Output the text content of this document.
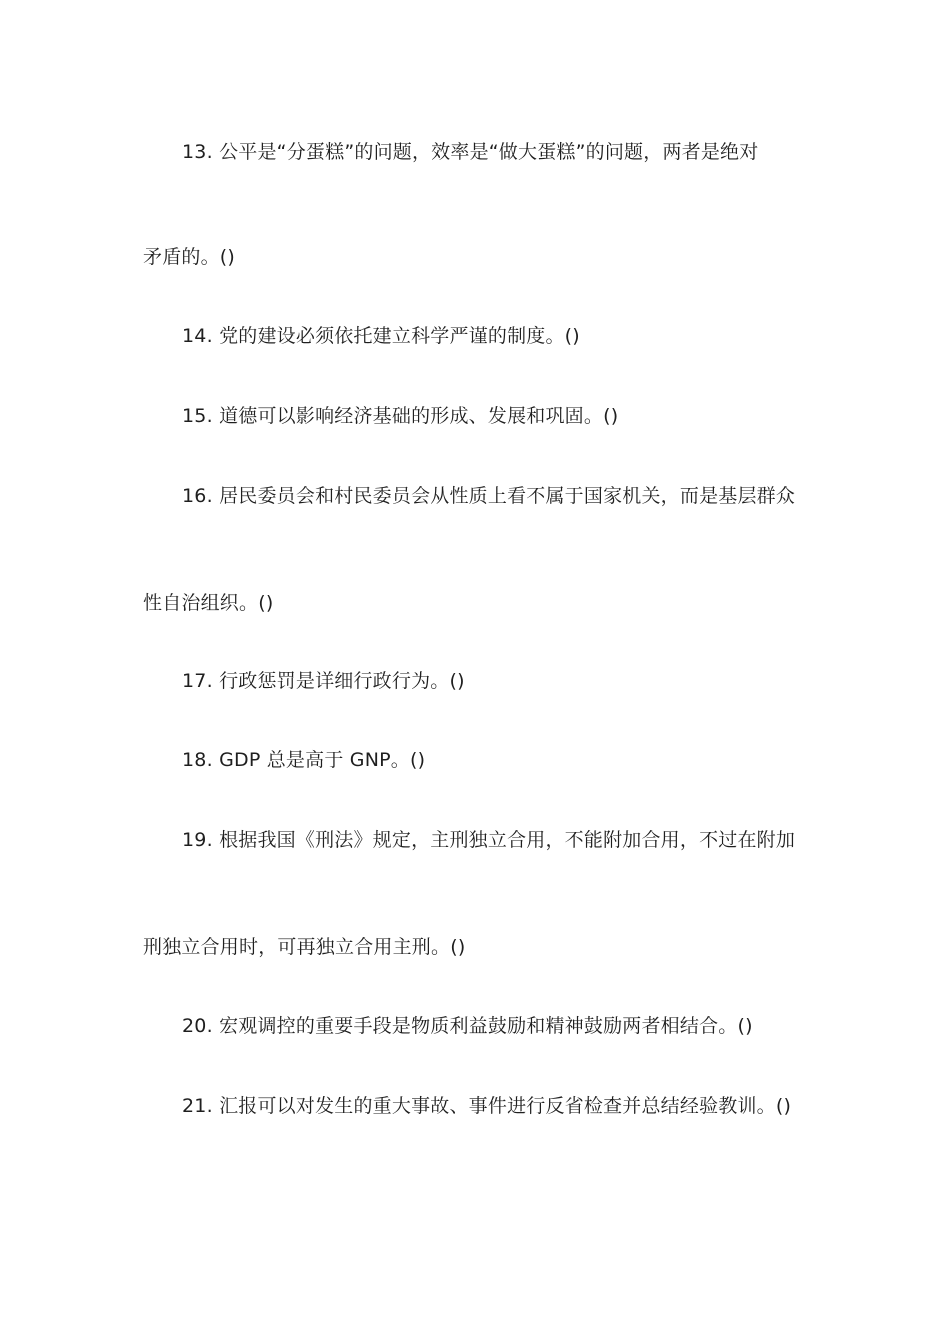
13. 公平是“分蛋糕”的问题，效率是“做大蛋糕”的问题，两者是绝对
矛盾的。()
14. 党的建设必须依托建立科学严谨的制度。()
15. 道德可以影响经济基础的形成、发展和巩固。()
16. 居民委员会和村民委员会从性质上看不属于国家机关，而是基层群众
性自治组织。()
17. 行政惩罚是详细行政行为。()
18. GDP 总是高于 GNP。()
19. 根据我国《刑法》规定，主刑独立合用，不能附加合用，不过在附加
刑独立合用时，可再独立合用主刑。()
20. 宏观调控的重要手段是物质利益鼓励和精神鼓励两者相结合。()
21. 汇报可以对发生的重大事故、事件进行反省检查并总结经验教训。()
